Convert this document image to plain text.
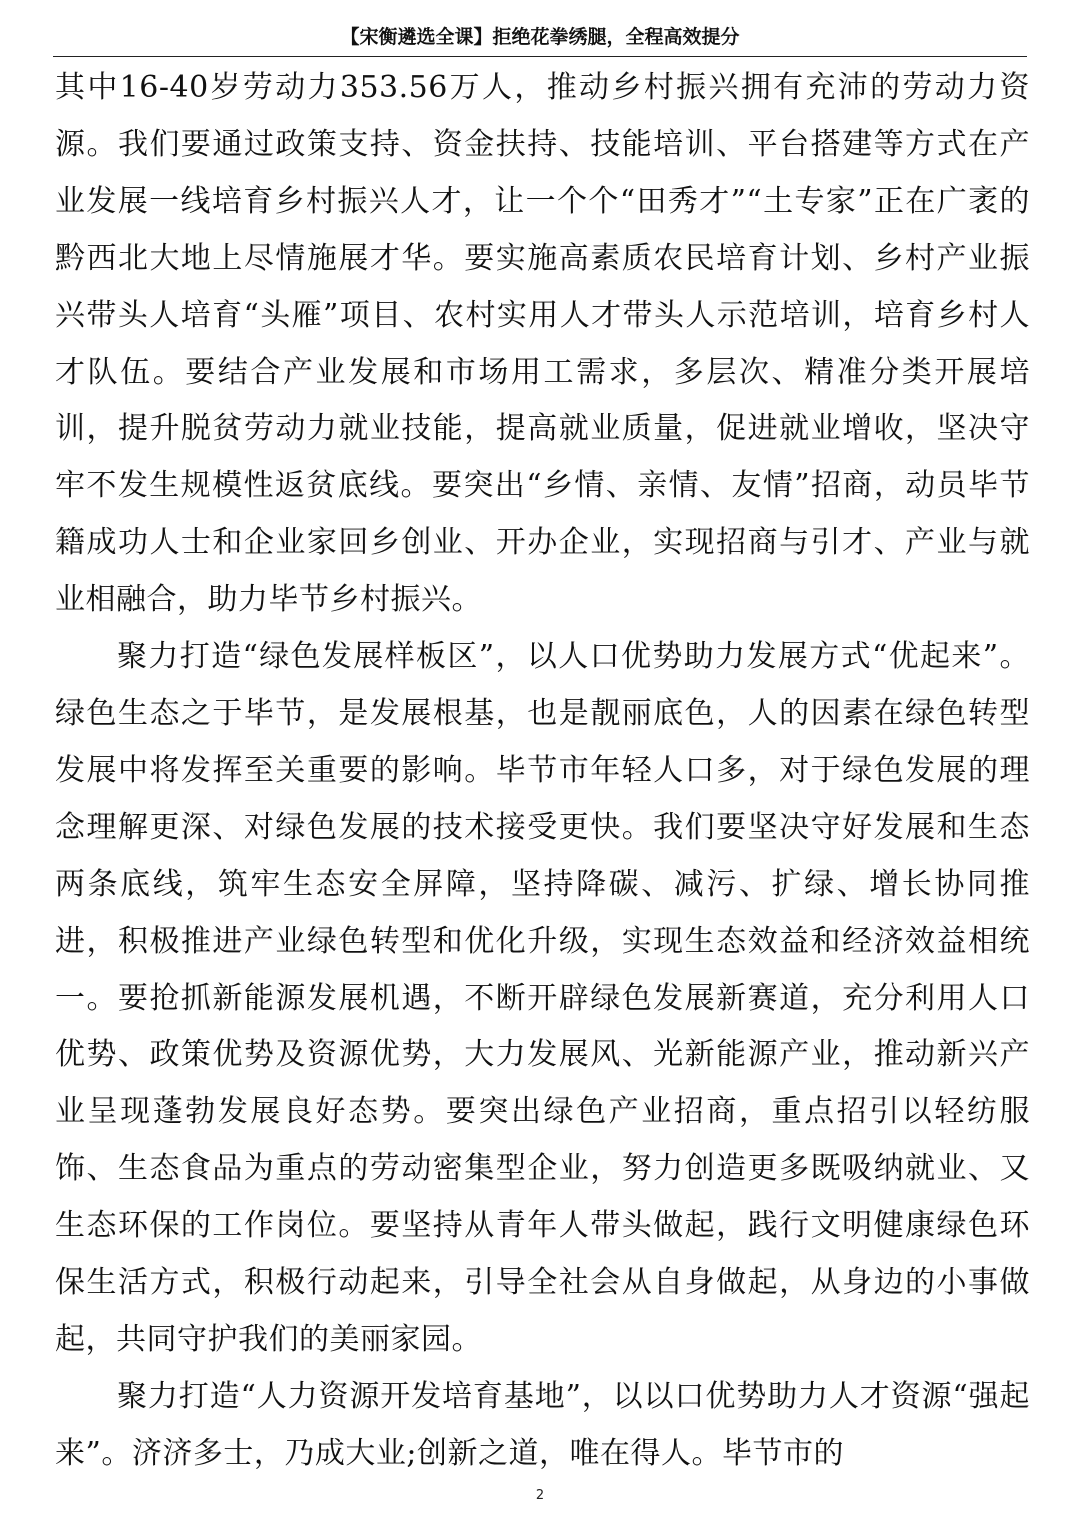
【宋衡遴选全课】拒绝花拳绣腿，全程高效提分

其中16-40岁劳动力353.56万人，推动乡村振兴拥有充沛的劳动力资源。我们要通过政策支持、资金扶持、技能培训、平台搭建等方式在产业发展一线培育乡村振兴人才，让一个个“田秀才”“土专家”正在广袤的黔西北大地上尽情施展才华。要实施高素质农民培育计划、乡村产业振兴带头人培育“头雁”项目、农村实用人才带头人示范培训，培育乡村人才队伍。要结合产业发展和市场用工需求，多层次、精准分类开展培训，提升脱贫劳动力就业技能，提高就业质量，促进就业增收，坚决守牢不发生规模性返贫底线。要突出“乡情、亲情、友情”招商，动员毕节籍成功人士和企业家回乡创业、开办企业，实现招商与引才、产业与就业相融合，助力毕节乡村振兴。

聚力打造“绿色发展样板区”，以人口优势助力发展方式“优起来”。绿色生态之于毕节，是发展根基，也是靓丽底色，人的因素在绿色转型发展中将发挥至关重要的影响。毕节市年轻人口多，对于绿色发展的理念理解更深、对绿色发展的技术接受更快。我们要坚决守好发展和生态两条底线，筑牢生态安全屏障，坚持降碳、减污、扩绿、增长协同推进，积极推进产业绿色转型和优化升级，实现生态效益和经济效益相统一。要抢抓新能源发展机遇，不断开辟绿色发展新赛道，充分利用人口优势、政策优势及资源优势，大力发展风、光新能源产业，推动新兴产业呈现蓬勃发展良好态势。要突出绿色产业招商，重点招引以轻纺服饰、生态食品为重点的劳动密集型企业，努力创造更多既吸纳就业、又生态环保的工作岗位。要坚持从青年人带头做起，践行文明健康绿色环保生活方式，积极行动起来，引导全社会从自身做起，从身边的小事做起，共同守护我们的美丽家园。

聚力打造“人力资源开发培育基地”，以以口优势助力人才资源“强起来”。济济多士，乃成大业;创新之道，唯在得人。毕节市的

2
